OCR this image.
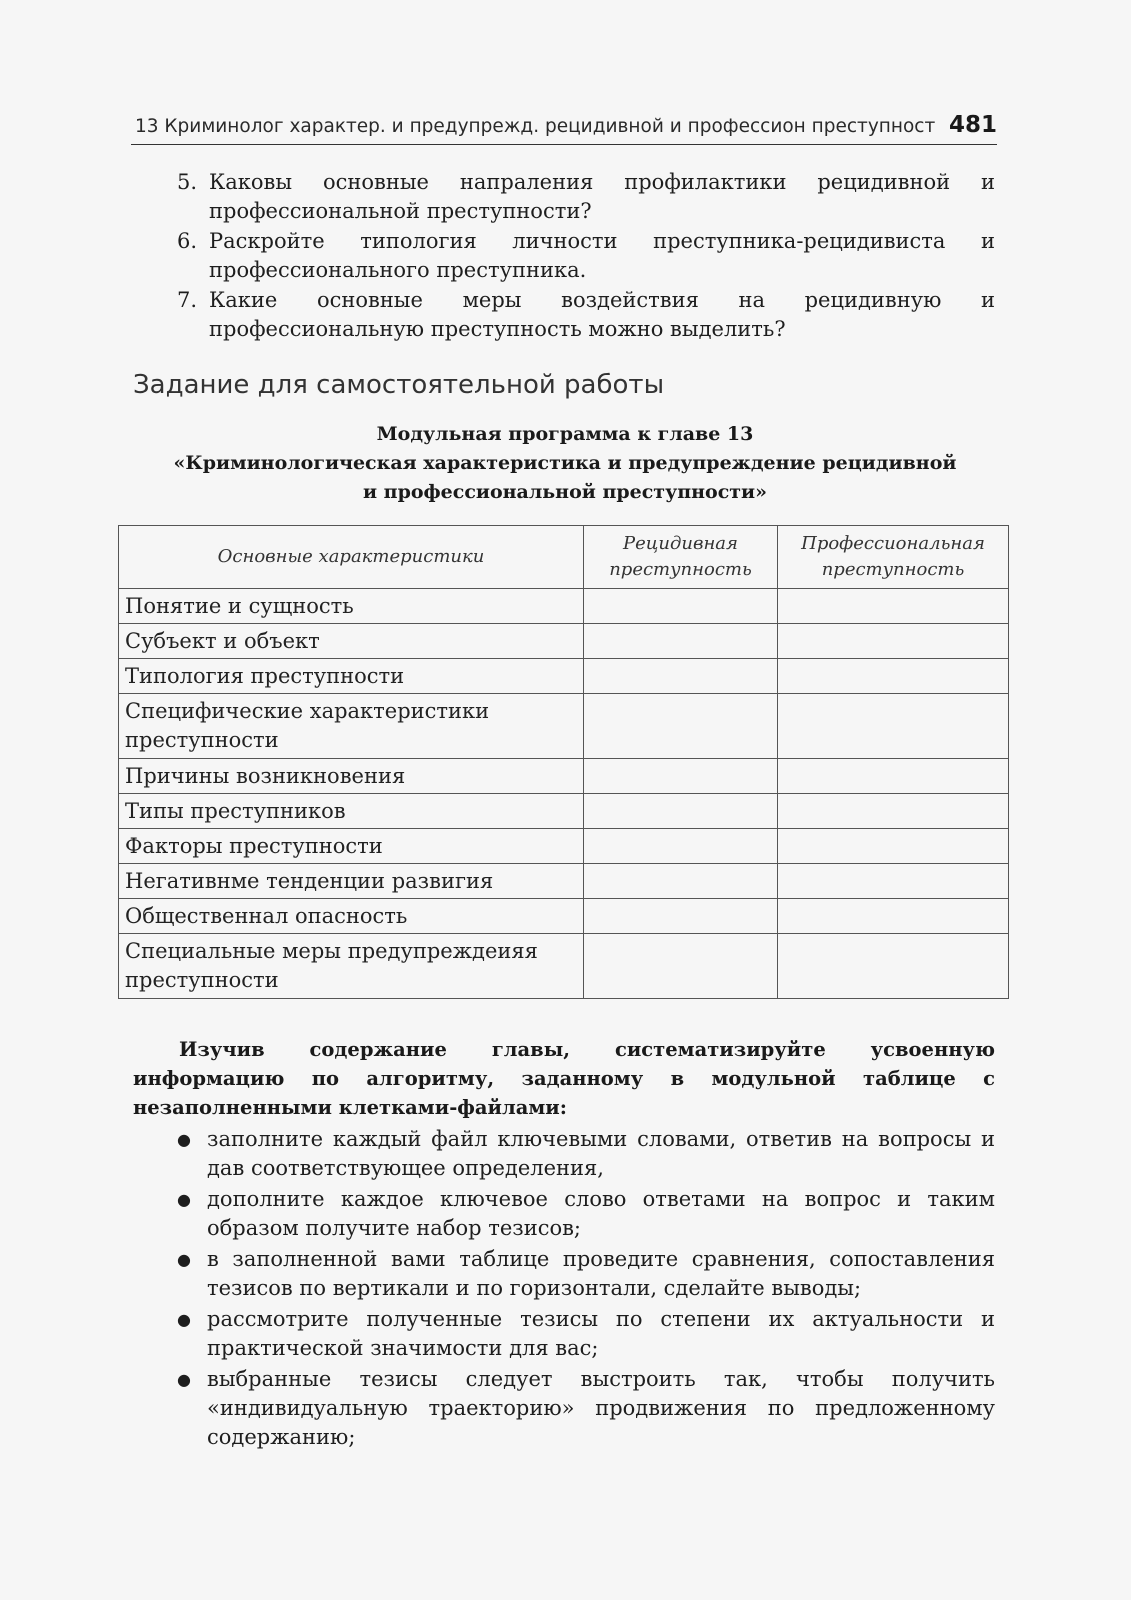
13 Криминолог характер. и предупрежд. рецидивной и профессион преступност 481
5. Каковы основные напраления профилактики рецидивной и профессиональной преступности?
6. Раскройте типология личности преступника-рецидивиста и профессионального преступника.
7. Какие основные меры воздействия на рецидивную и профессиональную преступность можно выделить?
Задание для самостоятельной работы
Модульная программа к главе 13
«Криминологическая характеристика и предупреждение рецидивной
и профессиональной преступности»
Основные характеристики	Рецидивная преступность	Профессиональная преступность
Понятие и сущность		
Субъект и объект		
Типология преступности		
Специфические характеристики преступности		
Причины возникновения		
Типы преступников		
Факторы преступности		
Негативнме тенденции развигия		
Общественнал опасность		
Специальные меры предупреждеияя преступности		
Изучив содержание главы, систематизируйте усвоенную информацию по алгоритму, заданному в модульной таблице с незаполненными клетками-файлами:
● заполните каждый файл ключевыми словами, ответив на вопросы и дав соответствующее определения,
● дополните каждое ключевое слово ответами на вопрос и таким образом получите набор тезисов;
● в заполненной вами таблице проведите сравнения, сопоставления тезисов по вертикали и по горизонтали, сделайте выводы;
● рассмотрите полученные тезисы по степени их актуальности и практической значимости для вас;
● выбранные тезисы следует выстроить так, чтобы получить «индивидуальную траекторию» продвижения по предложенному содержанию;
